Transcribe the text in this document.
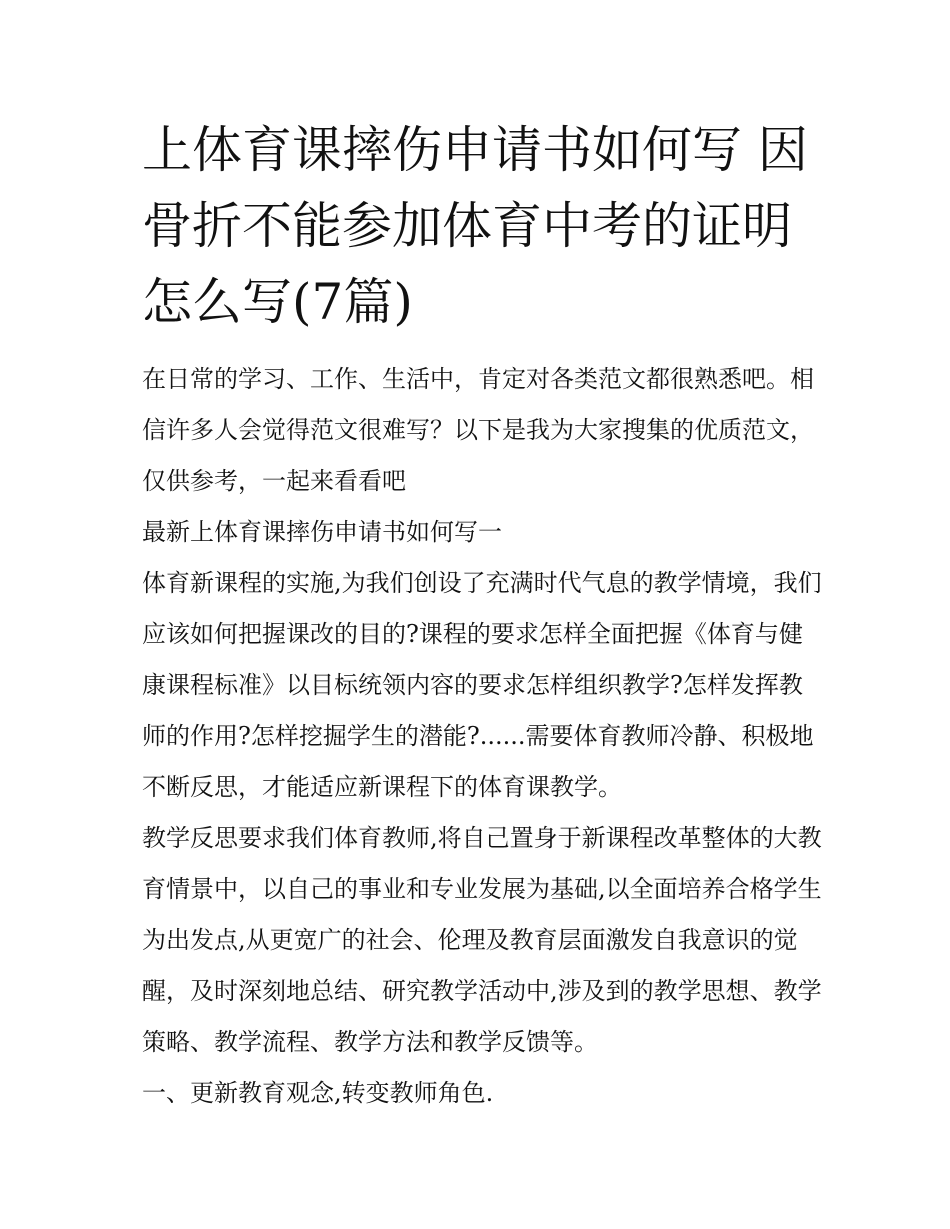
上体育课摔伤申请书如何写 因骨折不能参加体育中考的证明怎么写(7篇)

在日常的学习、工作、生活中，肯定对各类范文都很熟悉吧。相信许多人会觉得范文很难写？以下是我为大家搜集的优质范文，仅供参考，一起来看看吧

最新上体育课摔伤申请书如何写一

体育新课程的实施,为我们创设了充满时代气息的教学情境，我们应该如何把握课改的目的?课程的要求怎样全面把握《体育与健康课程标准》以目标统领内容的要求怎样组织教学?怎样发挥教师的作用?怎样挖掘学生的潜能?......需要体育教师冷静、积极地不断反思，才能适应新课程下的体育课教学。

教学反思要求我们体育教师,将自己置身于新课程改革整体的大教育情景中，以自己的事业和专业发展为基础,以全面培养合格学生为出发点,从更宽广的社会、伦理及教育层面激发自我意识的觉醒，及时深刻地总结、研究教学活动中,涉及到的教学思想、教学策略、教学流程、教学方法和教学反馈等。

一、更新教育观念,转变教师角色.
